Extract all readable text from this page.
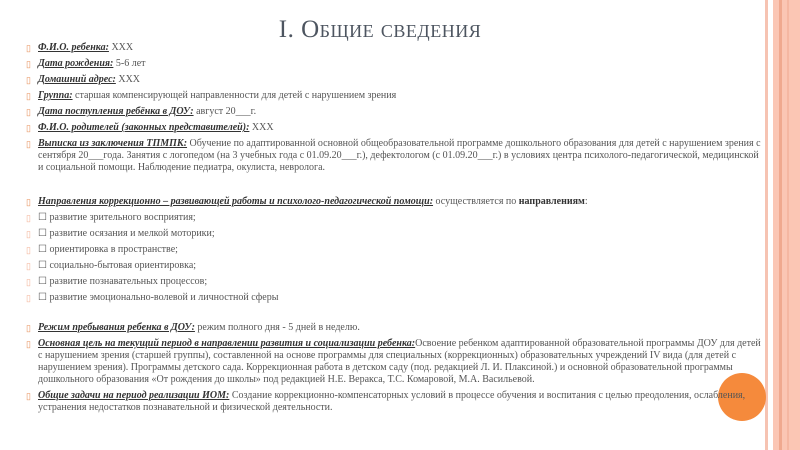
I. Общие сведения
▯ Ф.И.О. ребенка: XXX
▯ Дата рождения: 5-6 лет
▯ Домашний адрес: XXX
▯ Группа: старшая компенсирующей направленности для детей с нарушением зрения
▯ Дата поступления ребёнка в ДОУ: август 20___г.
▯ Ф.И.О. родителей (законных представителей): XXX
▯ Выписка из заключения ТПМПК: Обучение по адаптированной основной общеобразовательной программе дошкольного образования для детей с нарушением зрения с сентября 20___года. Занятия с логопедом (на 3 учебных года с 01.09.20___г.), дефектологом (с 01.09.20___г.) в условиях центра психолого-педагогической, медицинской и социальной помощи. Наблюдение педиатра, окулиста, невролога.
▯ Направления коррекционно – развивающей работы и психолого-педагогической помощи: осуществляется по направлениям:
▯ ☐ развитие зрительного восприятия;
▯ ☐ развитие осязания и мелкой моторики;
▯ ☐ ориентировка в пространстве;
▯ ☐ социально-бытовая ориентировка;
▯ ☐ развитие познавательных процессов;
▯ ☐ развитие эмоционально-волевой и личностной сферы
▯ Режим пребывания ребенка в ДОУ: режим полного дня - 5 дней в неделю.
▯ Основная цель на текущий период в направлении развития и социализации ребенка:Освоение ребенком адаптированной образовательной программы ДОУ для детей с нарушением зрения (старшей группы), составленной на основе программы для специальных (коррекционных) образовательных учреждений IV вида (для детей с нарушением зрения). Программы детского сада. Коррекционная работа в детском саду (под. редакцией Л. И. Плаксиной.) и основной образовательной программы дошкольного образования «От рождения до школы» под редакцией Н.Е. Веракса, Т.С. Комаровой, М.А. Васильевой.
▯ Общие задачи на период реализации ИОМ: Создание коррекционно-компенсаторных условий в процессе обучения и воспитания с целью преодоления, ослабления, устранения недостатков познавательной и физической деятельности.
